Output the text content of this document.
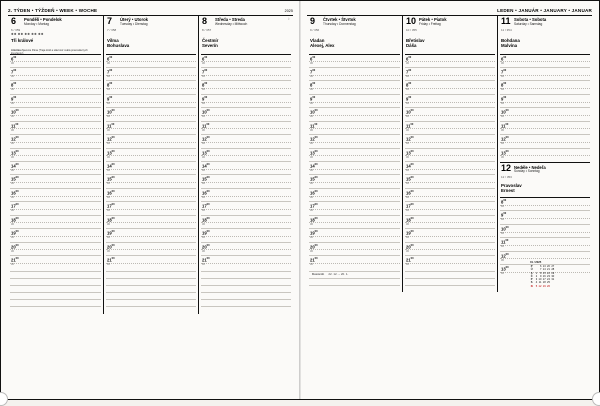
2. TÝDEN • TÝŽDEŇ • WEEK • WOCHE	2025
6 Pondělí • Pondelok
Monday • Montag
6 / 359
✱✱ ✱✱ ✱✱ ✱✱ ✱✱
Tři králové
Antónia Zjavenie Pána (Traja králi a slávnosť svätá pravoslávnych kresťanov)
$6^{00}$
30
$7^{00}$
30
$8^{00}$
30
$9^{00}$
30
$10^{00}$
30
$11^{00}$
30
$12^{00}$
30
$13^{00}$
30
$14^{00}$
30
$15^{00}$
30
$16^{00}$
30
$17^{00}$
30
$18^{00}$
30
$19^{00}$
30
$20^{00}$
30
$21^{00}$
30
7 Úterý • Utorok
Tuesday • Dienstag
7 / 358
Vilma
Bohuslava
$6^{00}$
30
$7^{00}$
30
$8^{00}$
30
$9^{00}$
30
$10^{00}$
30
$11^{00}$
30
$12^{00}$
30
$13^{00}$
30
$14^{00}$
30
$15^{00}$
30
$16^{00}$
30
$17^{00}$
30
$18^{00}$
30
$19^{00}$
30
$20^{00}$
30
$21^{00}$
30
8 Středa • Streda
Wednesday • Mittwoch
8 / 357
☽
Čestmír
Severín
$6^{00}$
30
$7^{00}$
30
$8^{00}$
30
$9^{00}$
30
$10^{00}$
30
$11^{00}$
30
$12^{00}$
30
$13^{00}$
30
$14^{00}$
30
$15^{00}$
30
$16^{00}$
30
$17^{00}$
30
$18^{00}$
30
$19^{00}$
30
$20^{00}$
30
$21^{00}$
30
LEDEN • JANUÁR • JANUARY • JANUAR
9 Čtvrtek • Štvrtok
Thursday • Donnerstag
9 / 356
Vladan
Alexej, Alex
$6^{00}$
30
$7^{00}$
30
$8^{00}$
30
$9^{00}$
30
$10^{00}$
30
$11^{00}$
30
$12^{00}$
30
$13^{00}$
30
$14^{00}$
30
$15^{00}$
30
$16^{00}$
30
$17^{00}$
30
$18^{00}$
30
$19^{00}$
30
$20^{00}$
30
$21^{00}$
30
Kozoroh 22. 12. – 20. 1.
10 Pátek • Piatok
Friday • Freitag
10 / 355
Břetislav
Dáša
$6^{00}$
30
$7^{00}$
30
$8^{00}$
30
$9^{00}$
30
$10^{00}$
30
$11^{00}$
30
$12^{00}$
30
$13^{00}$
30
$14^{00}$
30
$15^{00}$
30
$16^{00}$
30
$17^{00}$
30
$18^{00}$
30
$19^{00}$
30
$20^{00}$
30
$21^{00}$
30
11 Sobota • Sobota
Saturday • Samstag
11 / 354
Bohdana
Malvína
$6^{00}$
30
$7^{00}$
30
$8^{00}$
30
$9^{00}$
30
$10^{00}$
30
$11^{00}$
30
$12^{00}$
30
$13^{00}$
30
12 Nedéle • Nedeľa
Sunday • Sonntag
12 / 353
Pravoslav
Ernest
$8^{00}$
30
$9^{00}$
30
$10^{00}$
30
$11^{00}$
30
$12^{00}$
30
$13^{00}$
30
01 / 2025
P		6	13	20	27
Ú		7	14	21	28
S	1	8	15	22	29
Č	2	9	16	23	30
P	3	10	17	24	31
S	4	11	18	25	
N	5	12	19	26	
